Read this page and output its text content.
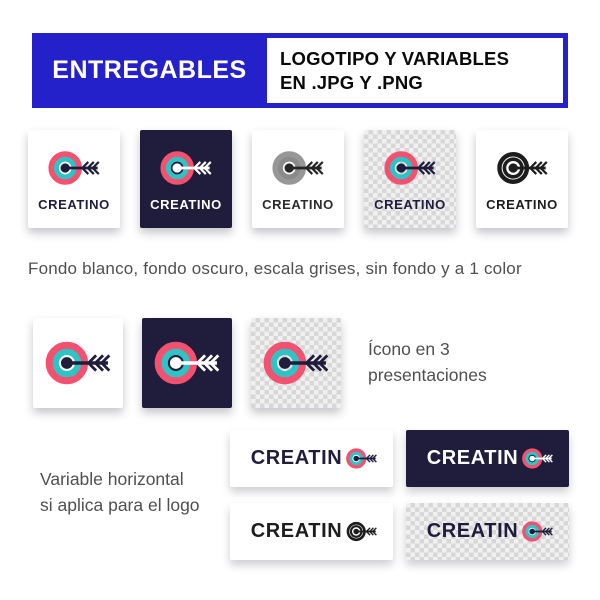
ENTREGABLES LOGOTIPO Y VARIABLES
EN .JPG Y .PNG
CREATINO	CREATINO	CREATINO	CREATINO	CREATINO
Fondo blanco, fondo oscuro, escala grises, sin fondo y a 1 color
Ícono en 3
presentaciones
Variable horizontal
si aplica para el logo
CREATIN	CREATIN
CREATIN	CREATIN
